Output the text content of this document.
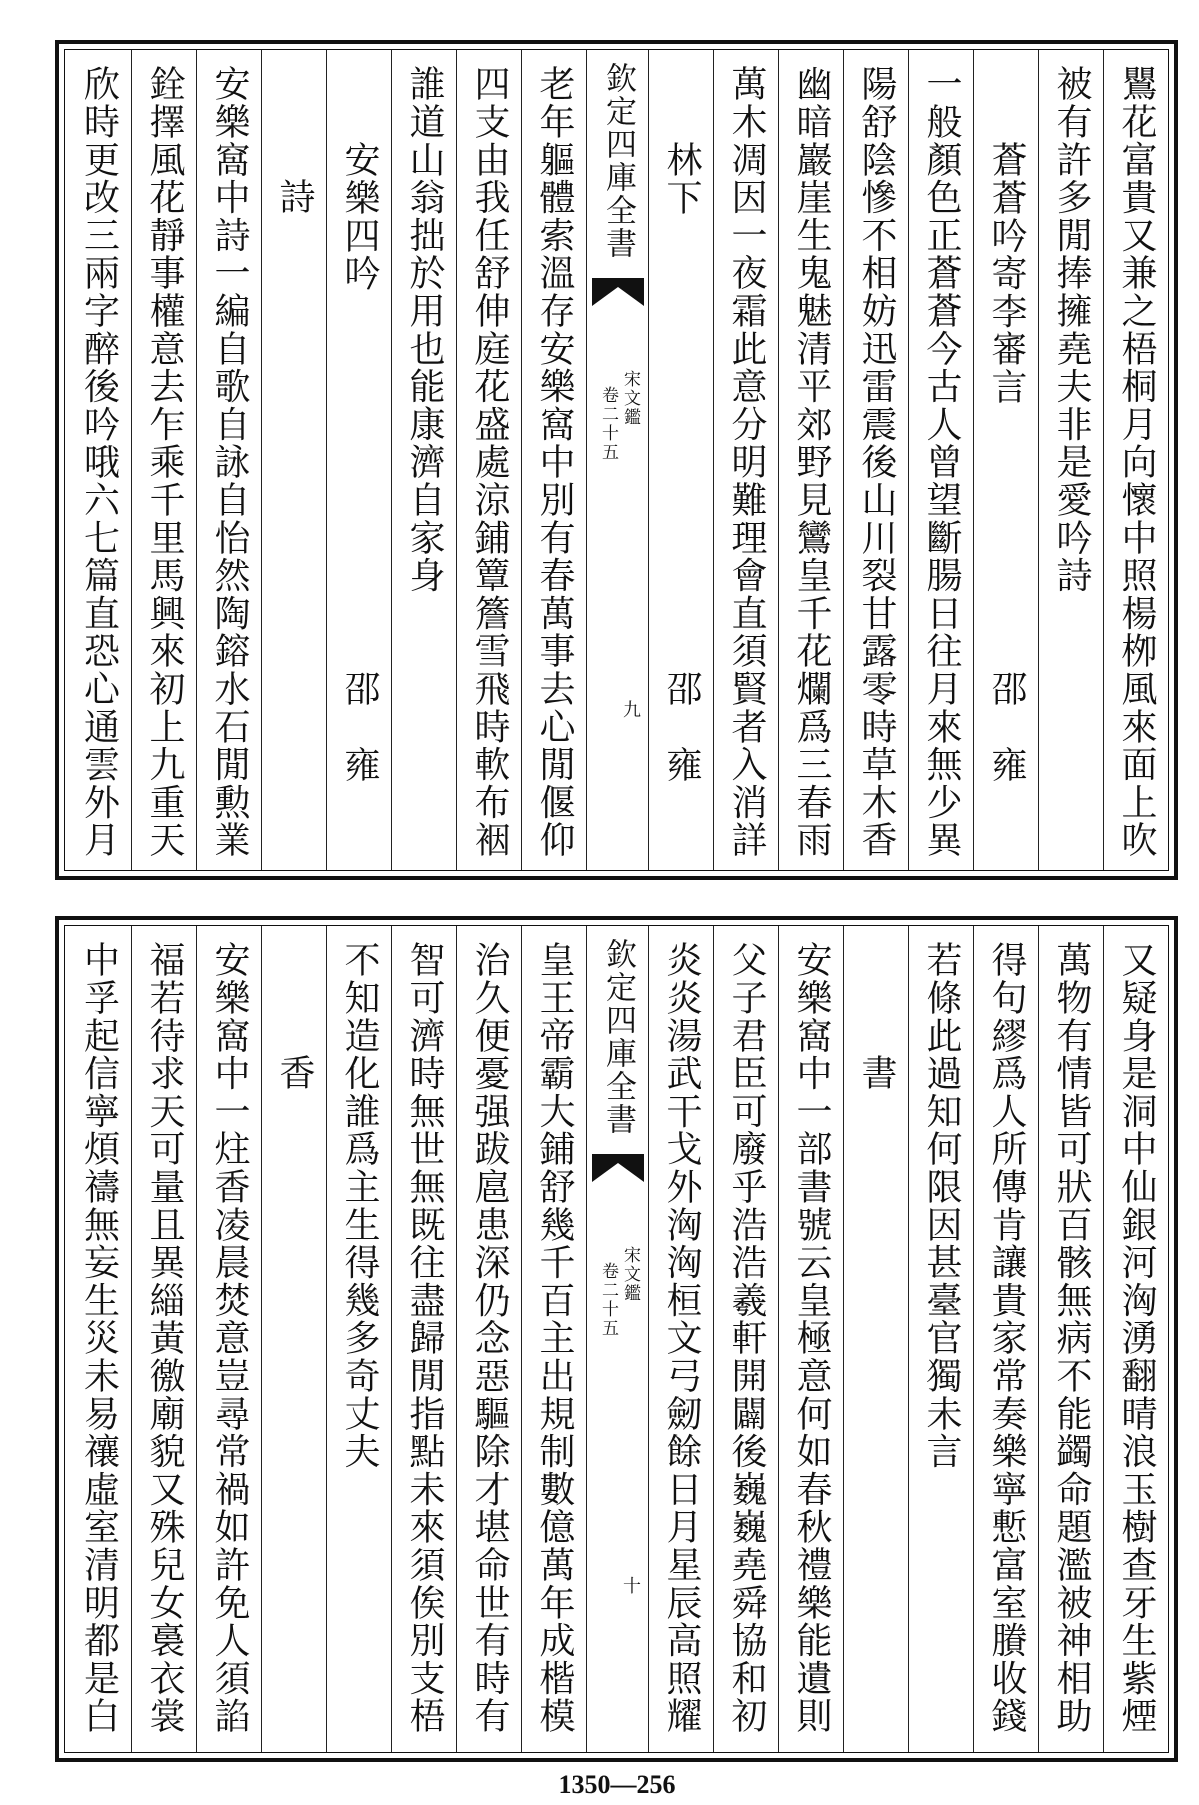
鸎花富貴又兼之梧桐月向懷中照楊栁風來面上吹
被有許多閒捧擁堯夫非是愛吟詩
蒼蒼吟寄李審言
邵　雍
一般顏色正蒼蒼今古人曾望斷腸日往月來無少異
陽舒陰慘不相妨迅雷震後山川裂甘露零時草木香
幽暗巖崖生鬼魅清平郊野見鸞皇千花爛爲三春雨
萬木凋因一夜霜此意分明難理會直須賢者入消詳
林下
邵　雍
欽定四庫全書
宋文鑑
卷二十五
九
老年軀體索溫存安樂窩中別有春萬事去心閒偃仰
四支由我任舒伸庭花盛處涼鋪簟簷雪飛時軟布裀
誰道山翁拙於用也能康濟自家身
安樂四吟
邵　雍
詩
安樂窩中詩一編自歌自詠自怡然陶鎔水石閒勲業
銓擇風花靜事權意去乍乘千里馬興來初上九重天
欣時更改三兩字醉後吟哦六七篇直恐心通雲外月
又疑身是洞中仙銀河洶湧翻晴浪玉樹查牙生紫煙
萬物有情皆可狀百骸無病不能蠲命題濫被神相助
得句繆爲人所傳肯讓貴家常奏樂寧慙富室賸收錢
若條此過知何限因甚臺官獨未言
書
安樂窩中一部書號云皇極意何如春秋禮樂能遺則
父子君臣可廢乎浩浩羲軒開闢後巍巍堯舜協和初
炎炎湯武干戈外洶洶桓文弓劒餘日月星辰高照耀
欽定四庫全書
宋文鑑
卷二十五
十
皇王帝霸大鋪舒幾千百主出規制數億萬年成楷模
治久便憂强跋扈患深仍念惡驅除才堪命世有時有
智可濟時無世無既往盡歸閒指點未來須俟別支梧
不知造化誰爲主生得幾多奇丈夫
香
安樂窩中一炷香凌晨焚意豈尋常禍如許免人須諂
福若待求天可量且異緇黃徼廟貌又殊兒女裛衣裳
中孚起信寧煩禱無妄生災未易禳虛室清明都是白
1350—256
